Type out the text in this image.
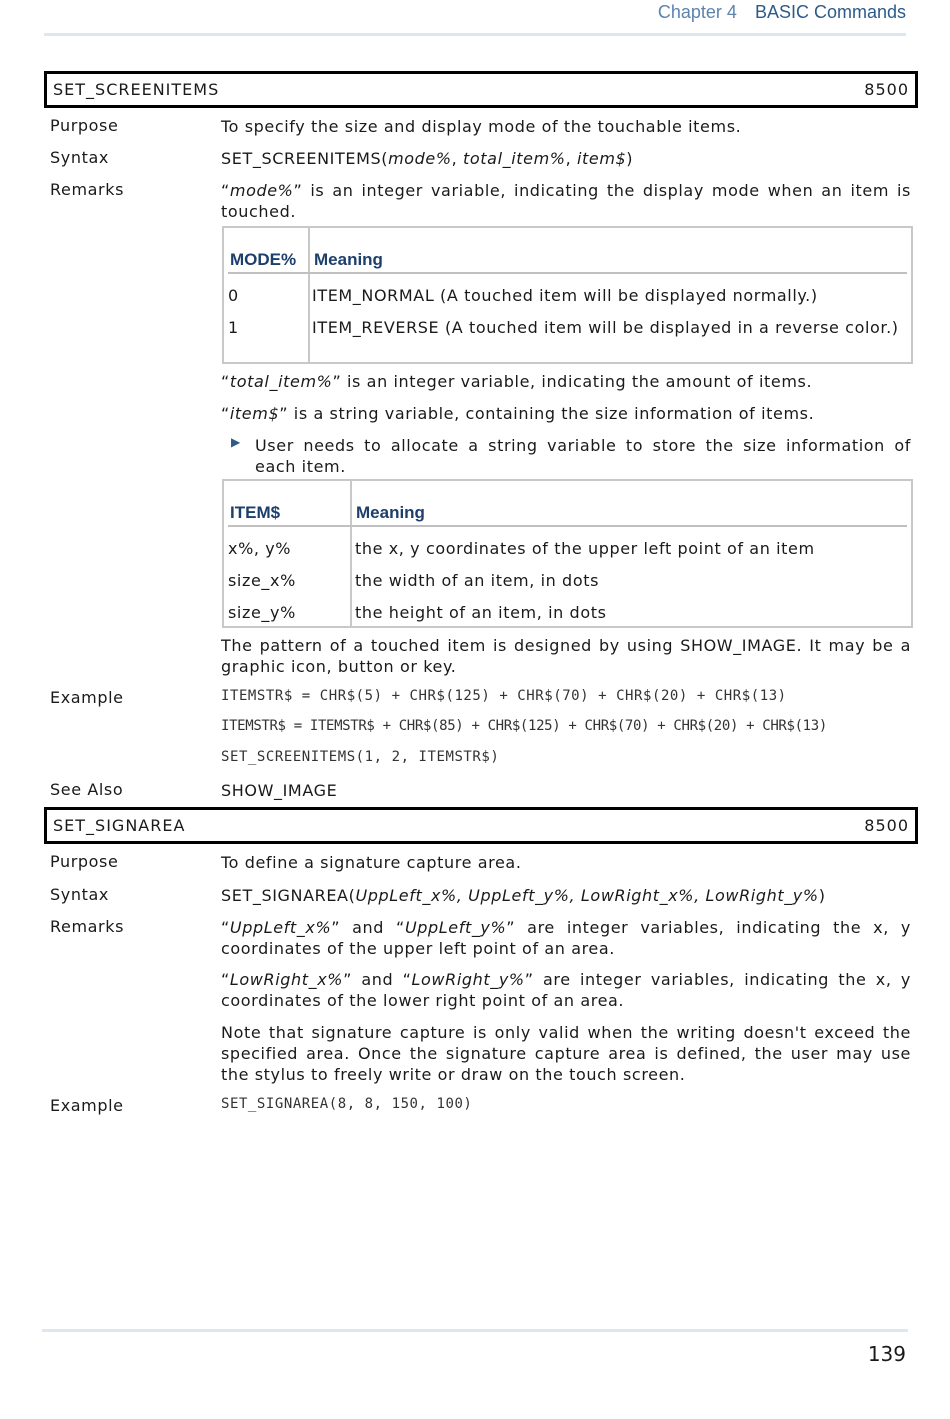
Chapter 4 BASIC Commands
SET_SCREENITEMS	8500
Purpose	To specify the size and display mode of the touchable items.
Syntax	SET_SCREENITEMS(mode%, total_item%, item$)
Remarks	“mode%” is an integer variable, indicating the display mode when an item is touched.
MODE% Meaning
0	ITEM_NORMAL (A touched item will be displayed normally.)
1	ITEM_REVERSE (A touched item will be displayed in a reverse color.)
“total_item%” is an integer variable, indicating the amount of items.
“item$” is a string variable, containing the size information of items.
▶ User needs to allocate a string variable to store the size information of each item.
ITEM$	Meaning
x%, y%	the x, y coordinates of the upper left point of an item
size_x%	the width of an item, in dots
size_y%	the height of an item, in dots
The pattern of a touched item is designed by using SHOW_IMAGE. It may be a graphic icon, button or key.
Example	ITEMSTR$ = CHR$(5) + CHR$(125) + CHR$(70) + CHR$(20) + CHR$(13)
ITEMSTR$ = ITEMSTR$ + CHR$(85) + CHR$(125) + CHR$(70) + CHR$(20) + CHR$(13)
SET_SCREENITEMS(1, 2, ITEMSTR$)
See Also	SHOW_IMAGE
SET_SIGNAREA	8500
Purpose	To define a signature capture area.
Syntax	SET_SIGNAREA(UppLeft_x%, UppLeft_y%, LowRight_x%, LowRight_y%)
Remarks	“UppLeft_x%” and “UppLeft_y%” are integer variables, indicating the x, y coordinates of the upper left point of an area.
“LowRight_x%” and “LowRight_y%” are integer variables, indicating the x, y coordinates of the lower right point of an area.
Note that signature capture is only valid when the writing doesn't exceed the specified area. Once the signature capture area is defined, the user may use the stylus to freely write or draw on the touch screen.
Example	SET_SIGNAREA(8, 8, 150, 100)
139
